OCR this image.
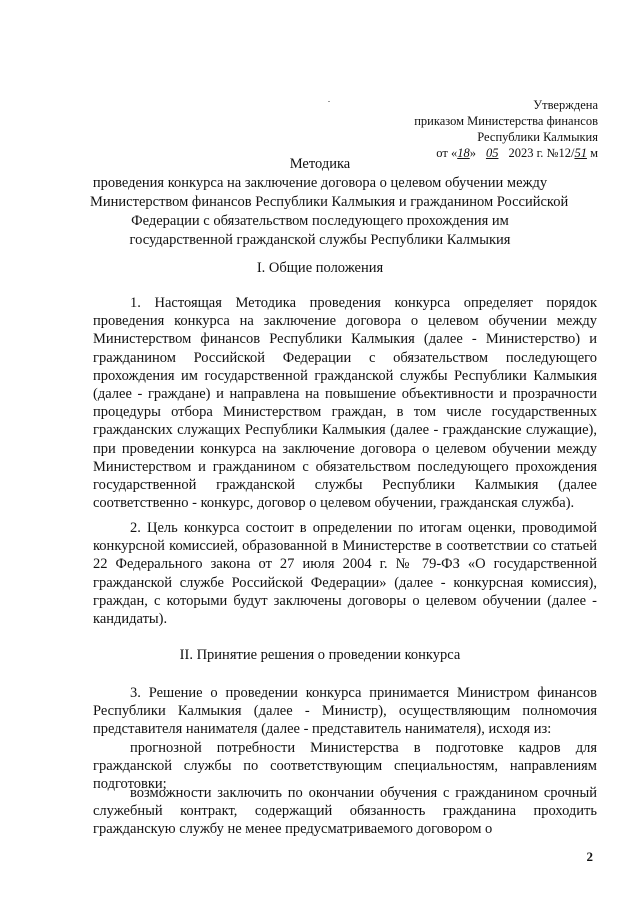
Утверждена
приказом Министерства финансов
Республики Калмыкия
от «18» 05 2023 г. №12/51 м
Методика
проведения конкурса на заключение договора о целевом обучении между
Министерством финансов Республики Калмыкия и гражданином Российской
Федерации с обязательством последующего прохождения им
государственной гражданской службы Республики Калмыкия
I. Общие положения

1. Настоящая Методика проведения конкурса определяет порядок проведения конкурса на заключение договора о целевом обучении между Министерством финансов Республики Калмыкия (далее - Министерство) и гражданином Российской Федерации с обязательством последующего прохождения им государственной гражданской службы Республики Калмыкия (далее - граждане) и направлена на повышение объективности и прозрачности процедуры отбора Министерством граждан, в том числе государственных гражданских служащих Республики Калмыкия (далее - гражданские служащие), при проведении конкурса на заключение договора о целевом обучении между Министерством и гражданином с обязательством последующего прохождения государственной гражданской службы Республики Калмыкия (далее соответственно - конкурс, договор о целевом обучении, гражданская служба).

2. Цель конкурса состоит в определении по итогам оценки, проводимой конкурсной комиссией, образованной в Министерстве в соответствии со статьей 22 Федерального закона от 27 июля 2004 г. № 79-ФЗ «О государственной гражданской службе Российской Федерации» (далее - конкурсная комиссия), граждан, с которыми будут заключены договоры о целевом обучении (далее - кандидаты).

II. Принятие решения о проведении конкурса

3. Решение о проведении конкурса принимается Министром финансов Республики Калмыкия (далее - Министр), осуществляющим полномочия представителя нанимателя (далее - представитель нанимателя), исходя из:

прогнозной потребности Министерства в подготовке кадров для гражданской службы по соответствующим специальностям, направлениям подготовки;

возможности заключить по окончании обучения с гражданином срочный служебный контракт, содержащий обязанность гражданина проходить гражданскую службу не менее предусматриваемого договором о

2
